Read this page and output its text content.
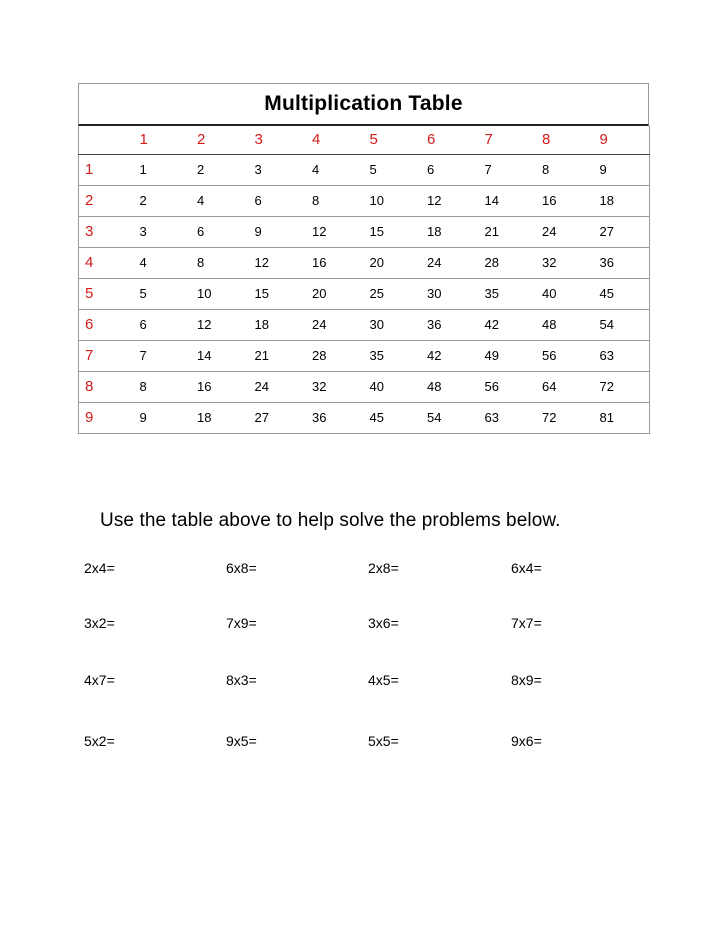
Multiplication Table
	1	2	3	4	5	6	7	8	9
1	1	2	3	4	5	6	7	8	9
2	2	4	6	8	10	12	14	16	18
3	3	6	9	12	15	18	21	24	27
4	4	8	12	16	20	24	28	32	36
5	5	10	15	20	25	30	35	40	45
6	6	12	18	24	30	36	42	48	54
7	7	14	21	28	35	42	49	56	63
8	8	16	24	32	40	48	56	64	72
9	9	18	27	36	45	54	63	72	81
Use the table above to help solve the problems below.
2x4=	6x8=	2x8=	6x4=
3x2=	7x9=	3x6=	7x7=
4x7=	8x3=	4x5=	8x9=
5x2=	9x5=	5x5=	9x6=
